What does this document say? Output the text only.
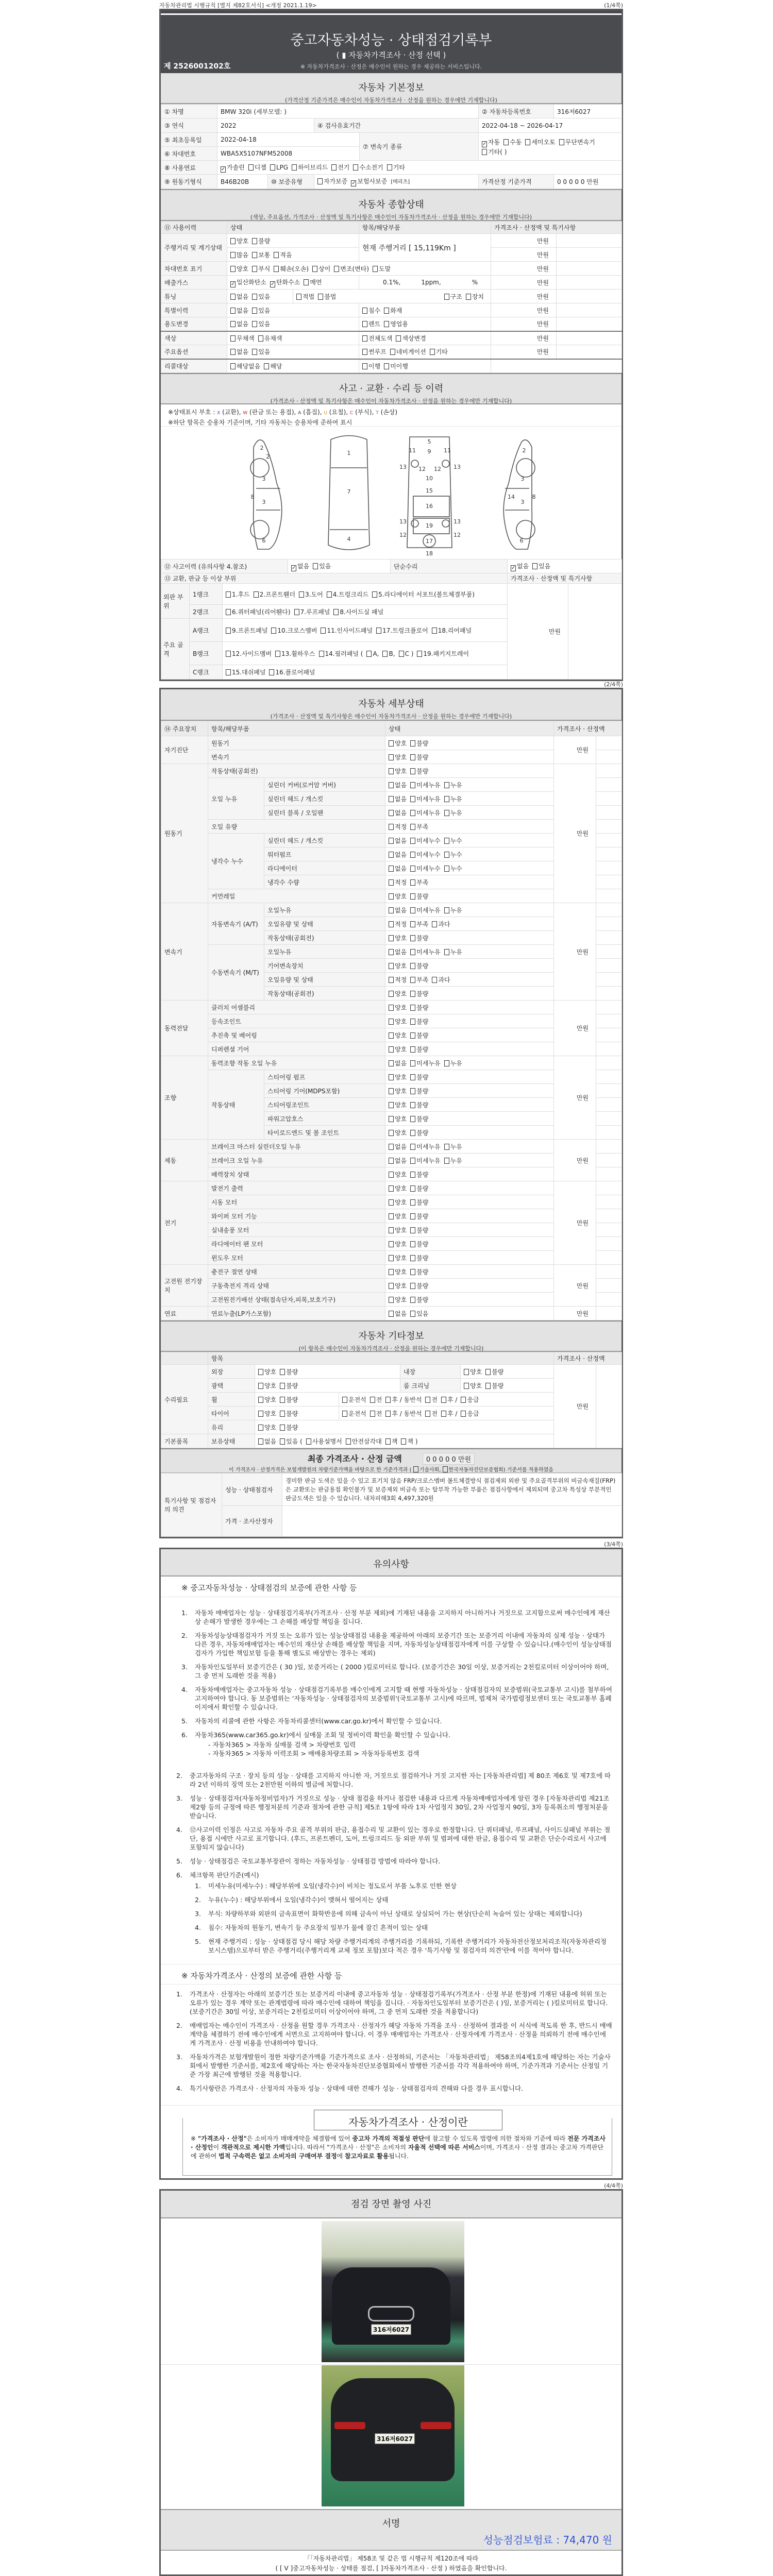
자동차관리법 시행규칙 [별지 제82호서식] <개정 2021.1.19>	(1/4쪽)
중고자동차성능 · 상태점검기록부
( ▮ 자동차가격조사 · 산정 선택 )
※ 자동차가격조사 · 산정은 매수인이 원하는 경우 제공하는 서비스입니다.
제 2526001202호
자동차 기본정보
(가격산정 기준가격은 매수인이 자동차가격조사 · 산정을 원하는 경우에만 기재합니다)
① 차명	BMW 320i (세부모델: )				② 자동차등록번호	316저6027
③ 연식	2022		④ 검사유효기간		2022-04-18 ~ 2026-04-17	
⑤ 최초등록일	2022-04-18			⑦ 변속기 종류	✓ 자동 수동 세미오토 무단변속기기타( )	
⑥ 차대번호	WBA5X5107NFM52008					
⑧ 사용연료	✓ 가솔린 디젤 LPG 하이브리드 전기 수소전기 기타					
⑨ 원동기형식	B46B20B	⑩ 보증유형	자가보증 ✓ 보험사보증 [메리츠]		가격산정 기준가격	0 0 0 0 0 만원
자동차 종합상태
(색상, 주요옵션, 가격조사 · 산정액 및 특기사항은 매수인이 자동차가격조사 · 산정을 원하는 경우에만 기재합니다)
⑪ 사용이력	상태		항목/해당부품	가격조사 · 산정액 및 특기사항	
주행거리 및 계기상태	양호 불량		현재 주행거리 [ 15,119Km ]	만원	
	많음 보통 적음			만원	
차대번호 표기	양호 부식 훼손(오손) 상이 변조(변타) 도말			만원	
배출가스	✓ 일산화탄소 ✓ 탄화수소 매연		0.1%, 1ppm, %	만원	
튜닝	없음 있음	적법 불법 구조 장치		만원	
특별이력	없음 있음		침수 화재	만원	
용도변경	없음 있음		렌트 영업용	만원	
색상	무채색 유채색		전체도색 색상변경	만원	
주요옵션	없음 있음		썬루프 네비게이션 기타	만원	
리콜대상	해당없음 해당		이행 미이행		
사고 · 교환 · 수리 등 이력
(가격조사 · 산정액 및 특기사항은 매수인이 자동차가격조사 · 산정을 원하는 경우에만 기재합니다)
※상태표시 부호 : X (교환), W (판금 또는 용접), A (흠집), U (요철), C (부식), T (손상)
※하단 항목은 승용차 기준이며, 기타 자동차는 승용차에 준하여 표시
2
3
3
2
8
6
1
7
4
5
9
11	11
13	13
12 12
10
15
16
19
13	13
12	12
17
18
2
3
8
3
14
6
⑫ 사고이력 (유의사항 4.참조)			✓ 없음 있음	단순수리	✓ 없음 있음	
⑬ 교환, 판금 등 이상 부위					가격조사 · 산정액 및 특기사항	
외판 부위	1랭크	1.후드 2.프론트휀더 3.도어 4.트렁크리드 5.라디에이터 서포트(볼트체결부품)			만원	
	2랭크	6.쿼터패널(리어휀다) 7.루프패널 8.사이드실 패널				
주요 골격	A랭크	9.프론트패널 10.크로스멤버 11.인사이드패널 17.트렁크플로어 18.리어패널				
	B랭크	12.사이드멤버 13.휠하우스 14.필러패널 (A, B, C ) 19.패키지트레이				
	C랭크	15.대쉬패널 16.플로어패널				
(2/4쪽)
자동차 세부상태
(가격조사 · 산정액 및 특기사항은 매수인이 자동차가격조사 · 산정을 원하는 경우에만 기재합니다)
⑭ 주요장치	항목/해당부품		상태	가격조사 · 산정액	
자기진단	원동기		양호 불량	만원	
	변속기		양호 불량		
원동기	작동상태(공회전)		양호 불량	만원	
	오일 누유	실린더 커버(로커암 커버)	없음 미세누유 누유		
		실린더 헤드 / 개스킷	없음 미세누유 누유		
		실린더 블록 / 오일팬	없음 미세누유 누유		
	오일 유량		적정 부족		
	냉각수 누수	실린더 헤드 / 개스킷	없음 미세누수 누수		
		워터펌프	없음 미세누수 누수		
		라디에이터	없음 미세누수 누수		
		냉각수 수량	적정 부족		
	커먼레일		양호 불량		
변속기	자동변속기 (A/T)	오일누유	없음 미세누유 누유	만원	
		오일유량 및 상태	적정 부족 과다		
		작동상태(공회전)	양호 불량		
	수동변속기 (M/T)	오일누유	없음 미세누유 누유		
		기어변속장치	양호 불량		
		오일유량 및 상태	적정 부족 과다		
		작동상태(공회전)	양호 불량		
동력전달	클러치 어셈블리		양호 불량	만원	
	등속조인트		양호 불량		
	추진축 및 베어링		양호 불량		
	디퍼렌셜 기어		양호 불량		
조향	동력조향 작동 오일 누유		없음 미세누유 누유	만원	
	작동상태	스티어링 펌프	양호 불량		
		스티어링 기어(MDPS포함)	양호 불량		
		스티어링조인트	양호 불량		
		파워고압호스	양호 불량		
		타이로드엔드 및 볼 조인트	양호 불량		
제동	브레이크 마스터 실린더오일 누유		없음 미세누유 누유	만원	
	브레이크 오일 누유		없음 미세누유 누유		
	배력장치 상태		양호 불량		
전기	발전기 출력		양호 불량	만원	
	시동 모터		양호 불량		
	와이퍼 모터 기능		양호 불량		
	실내송풍 모터		양호 불량		
	라디에이터 팬 모터		양호 불량		
	윈도우 모터		양호 불량		
고전원 전기장치	충전구 절연 상태		양호 불량	만원	
	구동축전지 격리 상태		양호 불량		
	고전원전기배선 상태(접속단자,피복,보호기구)		양호 불량		
연료	연료누출(LP가스포함)		없음 있음	만원	
자동차 기타정보
(이 항목은 매수인이 자동차가격조사 · 산정을 원하는 경우에만 기재합니다)
	항목					가격조사 · 산정액	
수리필요	외장	양호 불량		내장	양호 불량	만원	
	광택	양호 불량		룸 크리닝	양호 불량		
	휠	양호 불량	운전석 전 후 / 동반석 전 후 / 응급				
	타이어	양호 불량	운전석 전 후 / 동반석 전 후 / 응급				
	유리	양호 불량					
기본품목	보유상태	없음 있음 ( 사용설명서 안전삼각대 잭 잭 )					
최종 가격조사 · 산정 금액	0 0 0 0 0 만원
이 가격조사 · 산정가격은 보험개발원의 차량기준가액을 바탕으로 한 기준가격과 ( 기술사회, 한국자동차진단보증협회) 기준서를 적용하였음
특기사항 및 점검자의 의견	성능 · 상태점검자	경미한 판금 도색은 있을 수 있고 표기치 않음 FRP/크로스멤버 볼트체결방식 점검제외 외판 및 주요골격부위의 비금속재질(FRP)은 교환또는 판금용접 확인불가 및 보증제외 비금속 또는 탈부착 가능한 부품은 점검사항에서 제외되며 중고차 특성상 부분적인 판금도색은 있을 수 있습니다. 내차피해3회 4,497,320원
	가격 · 조사산정자	
(3/4쪽)
유의사항
※ 중고자동차성능 · 상태점검의 보증에 관한 사항 등
1.	자동차 매매업자는 성능 · 상태점검기록부(가격조사 · 산정 부분 제외)에 기재된 내용을 고지하지 아니하거나 거짓으로 고지함으로써 매수인에게 재산상 손해가 발생한 경우에는 그 손해를 배상할 책임을 집니다.
2.	자동차성능상태점검자가 거짓 또는 오류가 있는 성능상태점검 내용을 제공하여 아래의 보증기간 또는 보증거리 이내에 자동차의 실제 성능 · 상태가 다른 경우, 자동차매매업자는 매수인의 재산상 손해를 배상할 책임을 지며, 자동차성능상태점검자에게 이를 구상할 수 있습니다.(매수인이 성능상태점검자가 가입한 책임보험 등을 통해 별도로 배상받는 경우는 제외)
3.	자동차인도일부터 보증기간은 ( 30 )일, 보증거리는 ( 2000 )킬로미터로 합니다. (보증기간은 30일 이상, 보증거리는 2천킬로미터 이상이어야 하며, 그 중 먼저 도래한 것을 적용)
4.	자동차매매업자는 중고자동차 성능 · 상태점검기록부를 매수인에게 고지할 때 현행 자동차성능 · 상태점검자의 보증범위(국토교통부 고시)를 첨부하여 고지하여야 합니다. 동 보증범위는 '자동차성능 · 상태점검자의 보증범위'(국토교통부 고시)에 따르며, 법제처 국가법령정보센터 또는 국토교통부 홈페이지에서 확인할 수 있습니다.
5.	자동차의 리콜에 관한 사항은 자동차리콜센터(www.car.go.kr)에서 확인할 수 있습니다.
6.	자동차365(www.car365.go.kr)에서 실매물 조회 및 정비이력 확인을 확인할 수 있습니다.
- 자동차365 > 자동차 실매물 검색 > 차량번호 입력
- 자동차365 > 자동차 이력조회 > 매매용차량조회 > 자동차등록번호 검색
2.	중고자동차의 구조 · 장치 등의 성능 · 상태를 고지하지 아니한 자, 거짓으로 점검하거나 거짓 고지한 자는 [자동차관리법] 제 80조 제6호 및 제7호에 따라 2년 이하의 징역 또는 2천만원 이하의 벌금에 처합니다.
3.	성능 · 상태점검자(자동차정비업자)가 거짓으로 성능 · 상태 점검을 하거나 점검한 내용과 다르게 자동차매매업자에게 알린 경우 [자동차관리법 제21조 제2항 등의 규정에 따른 행정처분의 기준과 절차에 관한 규칙] 제5조 1항에 따라 1차 사업정지 30일, 2차 사업정지 90일, 3차 등록취소의 행정처분을 받습니다.
4.	⑫사고이력 인정은 사고로 자동차 주요 골격 부위의 판금, 용접수리 및 교환이 있는 경우로 한정합니다. 단 쿼터패널, 루프패널, 사이드실패널 부위는 절단, 용접 시에만 사고로 표기합니다. (후드, 프론트펜더, 도어, 트렁크리드 등 외판 부위 및 범퍼에 대한 판금, 용접수리 및 교환은 단순수리로서 사고에 포함되지 않습니다)
5.	성능 · 상태점검은 국토교통부장관이 정하는 자동차성능 · 상태점검 방법에 따라야 합니다.
6.	체크항목 판단기준(예시)
1.	미세누유(미세누수) : 해당부위에 오일(냉각수)이 비치는 정도로서 부품 노후로 인한 현상
2.	누유(누수) : 해당부위에서 오일(냉각수)이 맺혀서 떨어지는 상태
3.	부식: 차량하부와 외판의 금속표면이 화학반응에 의해 금속이 아닌 상태로 상실되어 가는 현상(단순히 녹슬어 있는 상태는 제외합니다)
4.	침수: 자동차의 원동기, 변속기 등 주요장치 일부가 물에 잠긴 흔적이 있는 상태
5.	현재 주행거리 : 성능 · 상태점검 당시 해당 차량 주행거리계의 주행거리를 기록하되, 기록한 주행거리가 자동차전산정보처리조직(자동차관리정보시스템)으로부터 받은 주행거리(주행거리계 교체 정보 포함)보다 적은 경우 '특기사항 및 점검자의 의견'란에 이를 적어야 합니다.
※ 자동차가격조사 · 산정의 보증에 관한 사항 등
1.	가격조사 · 산정자는 아래의 보증기간 또는 보증거리 이내에 중고자동차 성능 · 상태점검기록부(가격조사 · 산정 부분 한정)에 기재된 내용에 허위 또는 오류가 있는 경우 계약 또는 관계법령에 따라 매수인에 대하여 책임을 집니다. · 자동차인도일부터 보증기간은 ( )일, 보증거리는 ( )킬로미터로 합니다. (보증기간은 30일 이상, 보증거리는 2천킬로미터 이상이어야 하며, 그 중 먼저 도래한 것을 적용합니다)
2.	매매업자는 매수인이 가격조사 · 산정을 원할 경우 가격조사 · 산정자가 해당 자동차 가격을 조사 · 산정하여 결과를 이 서식에 적도록 한 후, 반드시 매매계약을 체결하기 전에 매수인에게 서면으로 고지하여야 합니다. 이 경우 매매업자는 가격조사 · 산정자에게 가격조사 · 산정을 의뢰하기 전에 매수인에게 가격조사 · 산정 비용을 안내하여야 합니다.
3.	자동차가격은 보험개발원이 정한 차량기준가액을 기준가격으로 조사 · 산정하되, 기준서는 「자동차관리법」 제58조의4제1호에 해당하는 자는 기술사회에서 발행한 기준서를, 제2호에 해당하는 자는 한국자동차진단보증협회에서 발행한 기준서를 각각 적용하여야 하며, 기준가격과 기준서는 산정일 기준 가장 최근에 발행된 것을 적용합니다.
4.	특기사항란은 가격조사 · 산정자의 자동차 성능 · 상태에 대한 견해가 성능 · 상태점검자의 견해와 다를 경우 표시합니다.
자동차가격조사 · 산정이란
※ "가격조사 · 산정"은 소비자가 매매계약을 체결함에 있어 중고차 가격의 적절성 판단에 참고할 수 있도록 법령에 의한 절차와 기준에 따라 전문 가격조사 · 산정인이 객관적으로 제시한 가액입니다. 따라서 "가격조사 · 산정"은 소비자의 자율적 선택에 따른 서비스이며, 가격조사 · 산정 결과는 중고차 가격판단에 관하여 법적 구속력은 없고 소비자의 구매여부 결정에 참고자료로 활용됩니다.
(4/4쪽)
점검 장면 촬영 사진
316저6027
316저6027
서명
성능점검보험료 : 74,470 원
「「자동차관리법」 제58조 및 같은 법 시행규칙 제120조에 따라
( [ V ]중고자동차성능 · 상태를 점검, [ ]자동차가격조사 · 산정 ) 하였음을 확인합니다.
